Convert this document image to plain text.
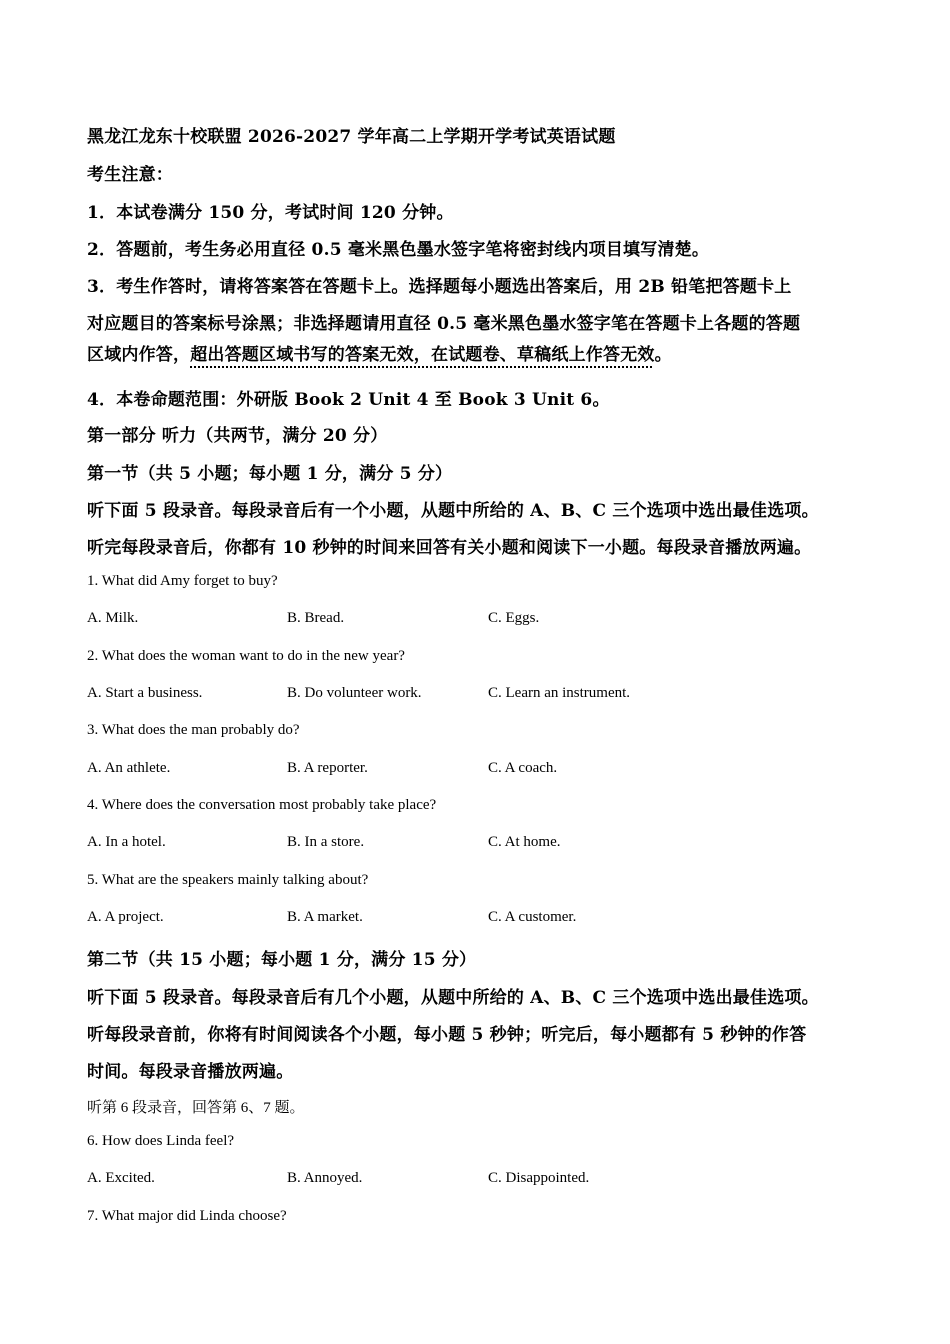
黑龙江龙东十校联盟 2026-2027 学年高二上学期开学考试英语试题
考生注意：
1．本试卷满分 150 分，考试时间 120 分钟。
2．答题前，考生务必用直径 0.5 毫米黑色墨水签字笔将密封线内项目填写清楚。
3．考生作答时，请将答案答在答题卡上。选择题每小题选出答案后，用 2B 铅笔把答题卡上
对应题目的答案标号涂黑；非选择题请用直径 0.5 毫米黑色墨水签字笔在答题卡上各题的答题
区域内作答，超出答题区域书写的答案无效，在试题卷、草稿纸上作答无效。
4．本卷命题范围：外研版 Book 2 Unit 4 至 Book 3 Unit 6。
第一部分 听力（共两节，满分 20 分）
第一节（共 5 小题；每小题 1 分，满分 5 分）
听下面 5 段录音。每段录音后有一个小题，从题中所给的 A、B、C 三个选项中选出最佳选项。
听完每段录音后，你都有 10 秒钟的时间来回答有关小题和阅读下一小题。每段录音播放两遍。
1. What did Amy forget to buy?
A. Milk.	B. Bread.	C. Eggs.
2. What does the woman want to do in the new year?
A. Start a business.	B. Do volunteer work.	C. Learn an instrument.
3. What does the man probably do?
A. An athlete.	B. A reporter.	C. A coach.
4. Where does the conversation most probably take place?
A. In a hotel.	B. In a store.	C. At home.
5. What are the speakers mainly talking about?
A. A project.	B. A market.	C. A customer.
第二节（共 15 小题；每小题 1 分，满分 15 分）
听下面 5 段录音。每段录音后有几个小题，从题中所给的 A、B、C 三个选项中选出最佳选项。
听每段录音前，你将有时间阅读各个小题，每小题 5 秒钟；听完后，每小题都有 5 秒钟的作答
时间。每段录音播放两遍。
听第 6 段录音，回答第 6、7 题。
6. How does Linda feel?
A. Excited.	B. Annoyed.	C. Disappointed.
7. What major did Linda choose?
